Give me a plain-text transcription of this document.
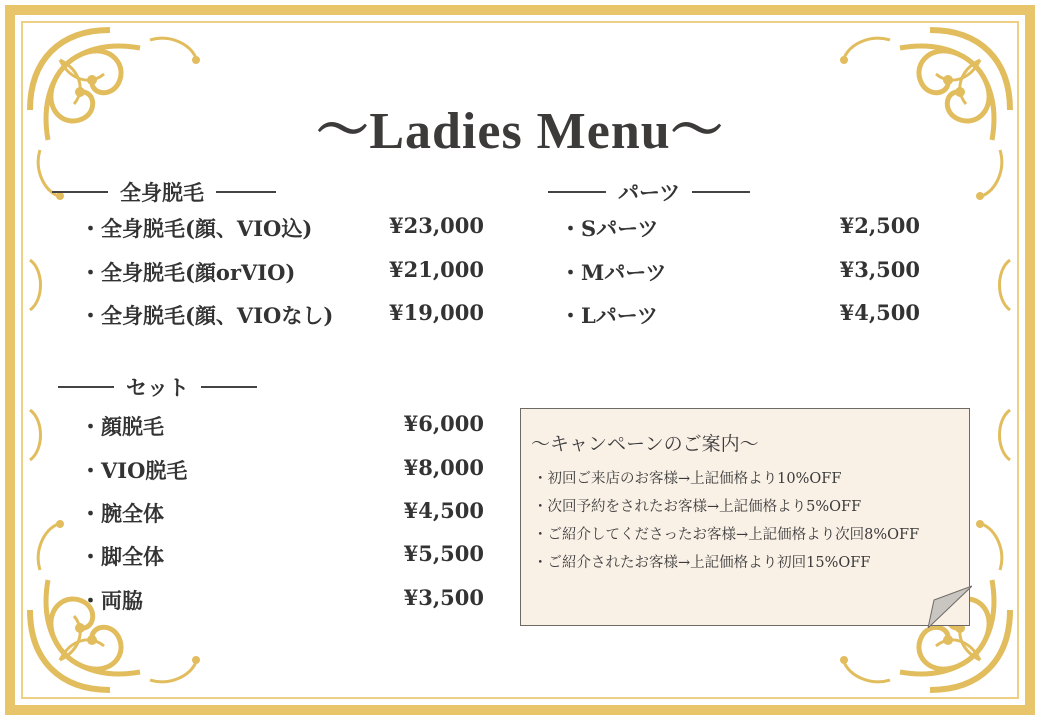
～Ladies Menu～
全身脱毛
・全身脱毛(顔、VIO込)	¥23,000
・全身脱毛(顔orVIO)	¥21,000
・全身脱毛(顔、VIOなし)	¥19,000
パーツ
・Sパーツ	¥2,500
・Mパーツ	¥3,500
・Lパーツ	¥4,500
セット
・顔脱毛	¥6,000
・VIO脱毛	¥8,000
・腕全体	¥4,500
・脚全体	¥5,500
・両脇	¥3,500
～キャンペーンのご案内～
・初回ご来店のお客様→上記価格より10%OFF
・次回予約をされたお客様→上記価格より5%OFF
・ご紹介してくださったお客様→上記価格より次回8%OFF
・ご紹介されたお客様→上記価格より初回15%OFF
